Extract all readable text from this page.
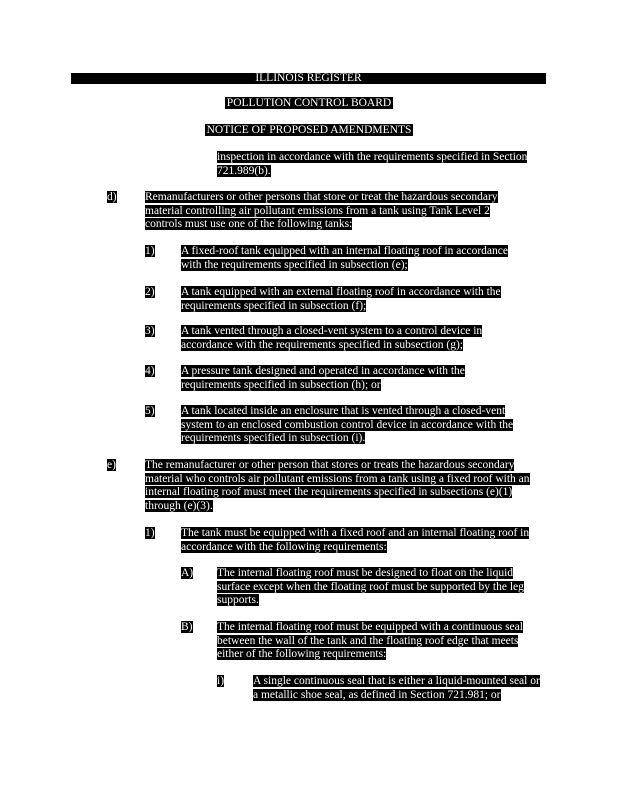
ILLINOIS REGISTER
POLLUTION CONTROL BOARD
NOTICE OF PROPOSED AMENDMENTS
inspection in accordance with the requirements specified in Section 721.989(b).
d) Remanufacturers or other persons that store or treat the hazardous secondary material controlling air pollutant emissions from a tank using Tank Level 2 controls must use one of the following tanks:
1) A fixed-roof tank equipped with an internal floating roof in accordance with the requirements specified in subsection (e);
2) A tank equipped with an external floating roof in accordance with the requirements specified in subsection (f);
3) A tank vented through a closed-vent system to a control device in accordance with the requirements specified in subsection (g);
4) A pressure tank designed and operated in accordance with the requirements specified in subsection (h); or
5) A tank located inside an enclosure that is vented through a closed-vent system to an enclosed combustion control device in accordance with the requirements specified in subsection (i).
e)	The remanufacturer or other person that stores or treats the hazardous secondary material who controls air pollutant emissions from a tank using a fixed roof with an internal floating roof must meet the requirements specified in subsections (e)(1) through (e)(3).
1) The tank must be equipped with a fixed roof and an internal floating roof in accordance with the following requirements:
A) The internal floating roof must be designed to float on the liquid surface except when the floating roof must be supported by the leg supports.
B) The internal floating roof must be equipped with a continuous seal between the wall of the tank and the floating roof edge that meets either of the following requirements:
i)	A single continuous seal that is either a liquid-mounted seal or a metallic shoe seal, as defined in Section 721.981; or
